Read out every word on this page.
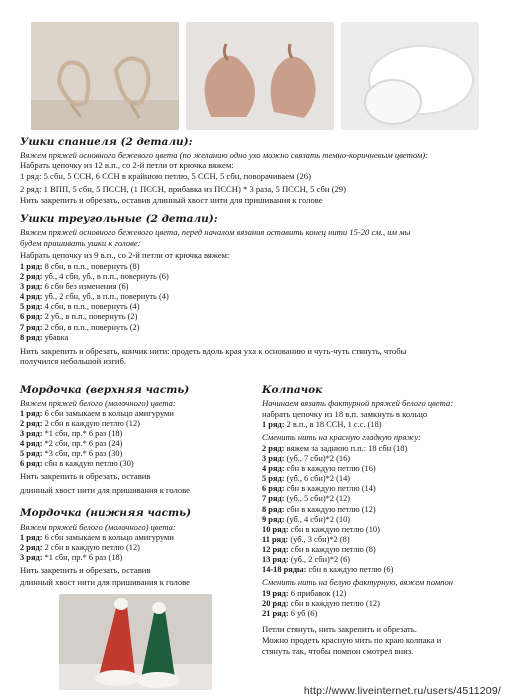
Ушки спаниеля (2 детали):
Вяжем пряжей основного бежевого цвета (по желанию одно ухо можно связать темно-коричневым цветом):
Набрать цепочку из 12 в.п., со 2-й петли от крючка вяжем:
1 ряд: 5 сбн, 5 ССН, 6 ССН в крайнюю петлю, 5 ССН, 5 сбн, поворачиваем (26)
2 ряд: 1 ВПП, 5 сбн, 5 ПССН, (1 ПССН, прибавка из ПССН) * 3 раза, 5 ПССН, 5 сбн (29)
Нить закрепить и обрезать, оставив длинный хвост нити для пришивания к голове
Ушки треугольные (2 детали):
Вяжем пряжей основного бежевого цвета, перед началом вязания оставить конец нити 15-20 см., им мы
будем пришивать ушки к голове:
Набрать цепочку из 9 в.п., со 2-й петли от крючка вяжем:

1 ряд: 8 сбн, в п.п., повернуть (8)

2 ряд: уб., 4 сбн, уб., в п.п., повернуть (6)

3 ряд: 6 сбн без изменения (6)

4 ряд: уб., 2 сбн, уб., в п.п., повернуть (4)

5 ряд: 4 сбн, в п.п., повернуть (4)

6 ряд: 2 уб., в п.п., повернуть (2)

7 ряд: 2 сбн, в п.п., повернуть (2)

8 ряд: убавка

Нить закрепить и обрезать, кончик нити: продеть вдоль края уха к основанию и чуть-чуть стянуть, чтобы
получился небольшой изгиб.
Мордочка (верхняя часть)
Вяжем пряжей белого (молочного) цвета:

1 ряд: 6 сбн замыкаем в кольцо амигуруми

2 ряд: 2 сбн в каждую петлю (12)

3 ряд: *1 сбн, пр.* 6 раз (18)

4 ряд: *2 сбн, пр.* 6 раз (24)

5 ряд: *3 сбн, пр.* 6 раз (30)

6 ряд: сбн в каждую петлю (30)

Нить закрепить и обрезать, оставив
длинный хвост нити для пришивания к голове
Мордочка (нижняя часть)
Вяжем пряжей белого (молочного) цвета:

1 ряд: 6 сбн замыкаем в кольцо амигуруми

2 ряд: 2 сбн в каждую петлю (12)

3 ряд: *1 сбн, пр.* 6 раз (18)

Нить закрепить и обрезать, оставив
длинный хвост нити для пришивания к голове
Колпачок
Начинаем вязать фактурной пряжей белого цвета:
набрать цепочку из 18 в.п. замкнуть в кольцо

1 ряд: 2 в.п., в 18 ССН, 1 с.с. (18)

Сменить нить на красную гладкую пряжу:

2 ряд: вяжем за заднюю п.п.: 18 сбн (18)

3 ряд: (уб., 7 сбн)*2 (16)

4 ряд: сбн в каждую петлю (16)

5 ряд: (уб., 6 сбн)*2 (14)

6 ряд: сбн в каждую петлю (14)

7 ряд: (уб., 5 сбн)*2 (12)

8 ряд: сбн в каждую петлю (12)

9 ряд: (уб., 4 сбн)*2 (10)

10 ряд: сбн в каждую петлю (10)

11 ряд: (уб., 3 сбн)*2 (8)

12 ряд: сбн в каждую петлю (8)

13 ряд: (уб., 2 сбн)*2 (6)

14-18 ряды: сбн в каждую петлю (6)

Сменить нить на белую фактурную, вяжем помпон

19 ряд: 6 прибавок (12)

20 ряд: сбн в каждую петлю (12)

21 ряд: 6 уб (6)

Петли стянуть, нить закрепить и обрезать.
Можно продеть красную нить по краю колпака и
стянуть так, чтобы помпон смотрел вниз.
http://www.liveinternet.ru/users/4511209/
